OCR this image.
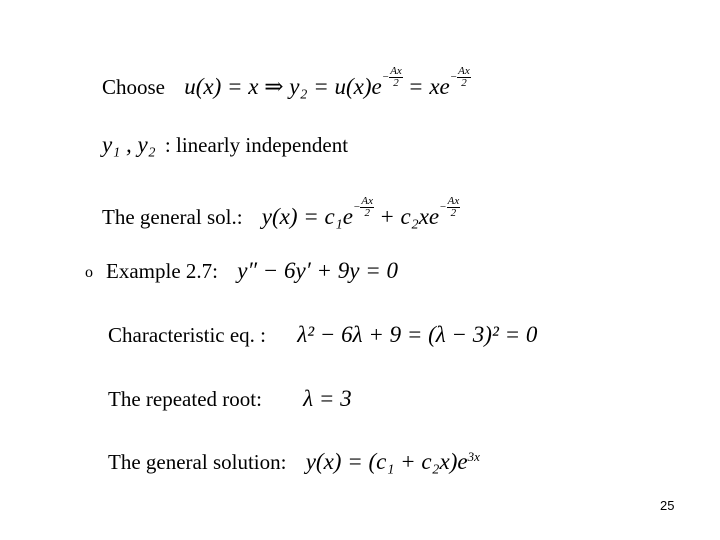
Choose u(x) = x ⇒ $y_2 = u(x)e- \frac{Ax}{2} = xe- \frac{Ax}{2}$
y₁ , y₂ : linearly independent
The general sol.: $y(x) = c_1e- \frac{Ax}{2} + c_2xe- \frac{Ax}{2}$
o Example 2.7: y″ − 6y′ + 9y = 0
Characteristic eq. : λ² − 6λ + 9 = (λ − 3)² = 0
The repeated root: λ = 3
The general solution: $y(x) = (c_1 + c_2x)e^{3x}$
25
